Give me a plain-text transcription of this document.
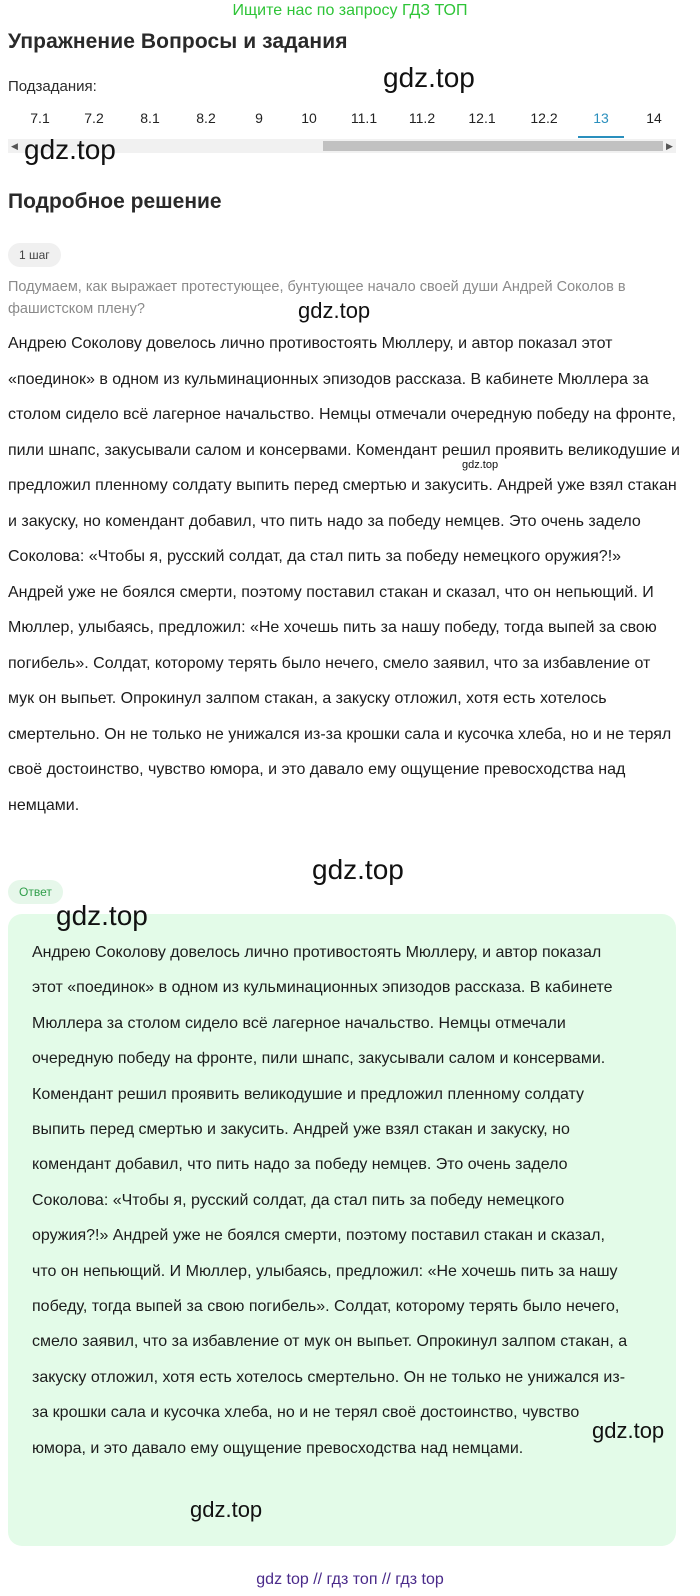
Ищите нас по запросу ГДЗ ТОП
Упражнение Вопросы и задания
Подзадания:
7.1	7.2	8.1	8.2	9	10	11.1	11.2	12.1	12.2	13	14
◀	▶
Подробное решение
1 шаг
Подумаем, как выражает протестующее, бунтующее начало своей души Андрей Соколов в фашистском плену?
Андрею Соколову довелось лично противостоять Мюллеру, и автор показал этот «поединок» в одном из кульминационных эпизодов рассказа. В кабинете Мюллера за столом сидело всё лагерное начальство. Немцы отмечали очередную победу на фронте, пили шнапс, закусывали салом и консервами. Комендант решил проявить великодушие и предложил пленному солдату выпить перед смертью и закусить. Андрей уже взял стакан и закуску, но комендант добавил, что пить надо за победу немцев. Это очень задело Соколова: «Чтобы я, русский солдат, да стал пить за победу немецкого оружия?!» Андрей уже не боялся смерти, поэтому поставил стакан и сказал, что он непьющий. И Мюллер, улыбаясь, предложил: «Не хочешь пить за нашу победу, тогда выпей за свою погибель». Солдат, которому терять было нечего, смело заявил, что за избавление от мук он выпьет. Опрокинул залпом стакан, а закуску отложил, хотя есть хотелось смертельно. Он не только не унижался из-за крошки сала и кусочка хлеба, но и не терял своё достоинство, чувство юмора, и это давало ему ощущение превосходства над немцами.
Ответ
Андрею Соколову довелось лично противостоять Мюллеру, и автор показал этот «поединок» в одном из кульминационных эпизодов рассказа. В кабинете Мюллера за столом сидело всё лагерное начальство. Немцы отмечали очередную победу на фронте, пили шнапс, закусывали салом и консервами. Комендант решил проявить великодушие и предложил пленному солдату выпить перед смертью и закусить. Андрей уже взял стакан и закуску, но комендант добавил, что пить надо за победу немцев. Это очень задело Соколова: «Чтобы я, русский солдат, да стал пить за победу немецкого оружия?!» Андрей уже не боялся смерти, поэтому поставил стакан и сказал, что он непьющий. И Мюллер, улыбаясь, предложил: «Не хочешь пить за нашу победу, тогда выпей за свою погибель». Солдат, которому терять было нечего, смело заявил, что за избавление от мук он выпьет. Опрокинул залпом стакан, а закуску отложил, хотя есть хотелось смертельно. Он не только не унижался из-за крошки сала и кусочка хлеба, но и не терял своё достоинство, чувство юмора, и это давало ему ощущение превосходства над немцами.
gdz.top
gdz.top
gdz.top
gdz.top
gdz.top
gdz.top
gdz.top
gdz.top
gdz top // гдз топ // гдз top
